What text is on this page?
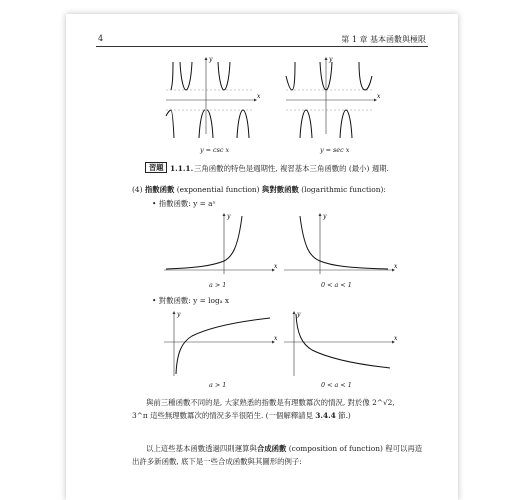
4	第 1 章 基本函數與極限
x
y
y = csc x
x
y
y = sec x
習題 1.1.1. 三角函數的特色是週期性, 複習基本三角函數的 (最小) 週期.
(4) 指數函數 (exponential function) 與對數函數 (logarithmic function):
• 指數函數: y = aˣ
x
y
a > 1
x
y
0 < a < 1
• 對數函數: y = logₐ x
x
y
a > 1
x
y
0 < a < 1
與前三種函數不同的是, 大家熟悉的指數是有理數冪次的情況, 對於像 2^√2,
3^π 這些無理數冪次的情況多半很陌生. (一個解釋請見 3.4.4 節.)
以上這些基本函數透過四則運算與合成函數 (composition of function) 程可以再造
出許多新函數, 底下是一些合成函數與其圖形的例子:
